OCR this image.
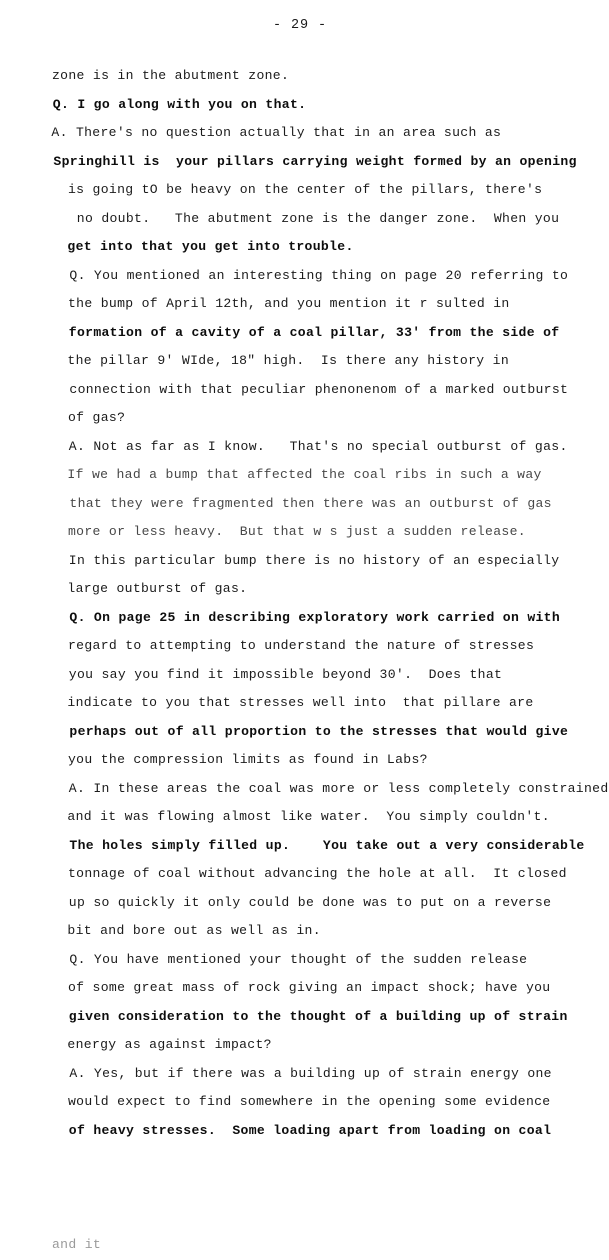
- 29 -
zone is in the abutment zone.
Q. I go along with you on that.
A. There's no question actually that in an area such as
Springhill is  your pillars carrying weight formed by an opening
is going tO be heavy on the center of the pillars, there's
no doubt.   The abutment zone is the danger zone.  When you
get into that you get into trouble.
Q. You mentioned an interesting thing on page 20 referring to
the bump of April 12th, and you mention it r sulted in
formation of a cavity of a coal pillar, 33' from the side of
the pillar 9' WIde, 18" high.  Is there any history in
connection with that peculiar phenonenom of a marked outburst
of gas?
A. Not as far as I know.   That's no special outburst of gas.
If we had a bump that affected the coal ribs in such a way
that they were fragmented then there was an outburst of gas
more or less heavy.  But that w s just a sudden release.
In this particular bump there is no history of an especially
large outburst of gas.
Q. On page 25 in describing exploratory work carried on with
regard to attempting to understand the nature of stresses
you say you find it impossible beyond 30'.  Does that
indicate to you that stresses well into  that pillare are
perhaps out of all proportion to the stresses that would give
you the compression limits as found in Labs?
A. In these areas the coal was more or less completely constrained
and it was flowing almost like water.  You simply couldn't.
The holes simply filled up.    You take out a very considerable
tonnage of coal without advancing the hole at all.  It closed
up so quickly it only could be done was to put on a reverse
bit and bore out as well as in.
Q. You have mentioned your thought of the sudden release
of some great mass of rock giving an impact shock; have you
given consideration to the thought of a building up of strain
energy as against impact?
A. Yes, but if there was a building up of strain energy one
would expect to find somewhere in the opening some evidence
of heavy stresses.  Some loading apart from loading on coal
and it
